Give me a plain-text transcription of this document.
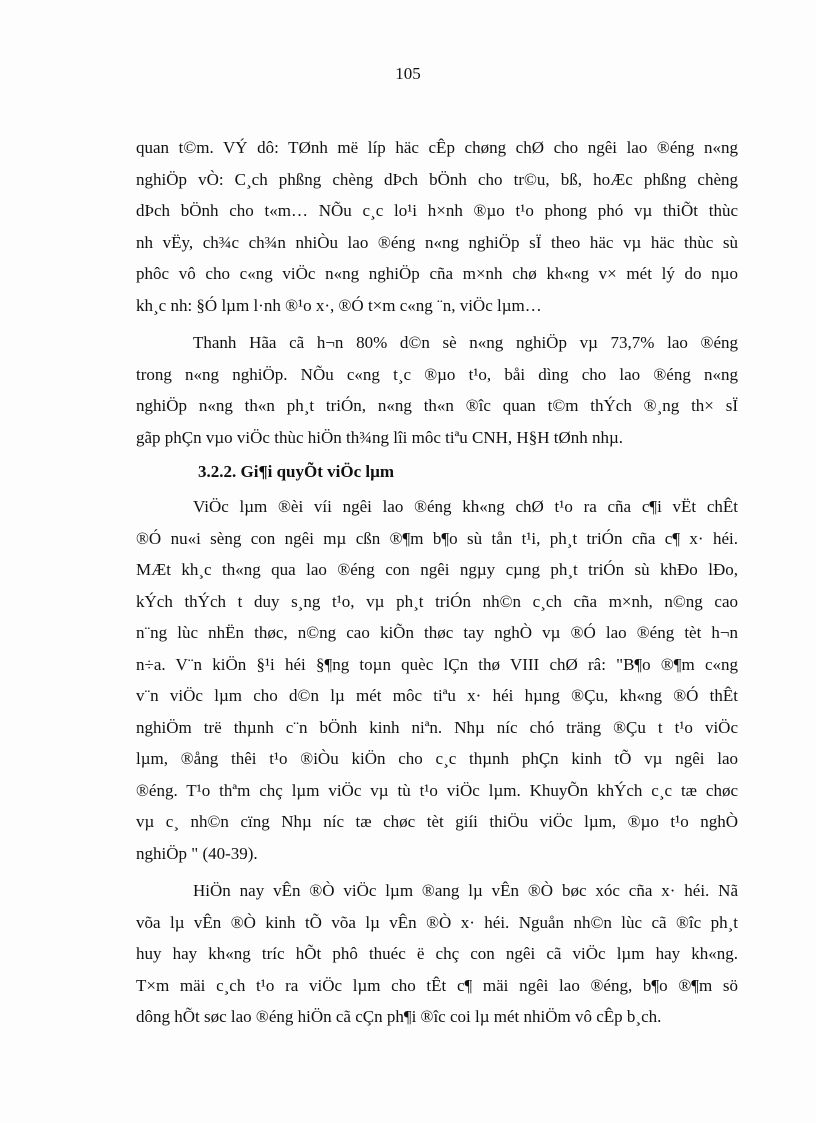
105
quan t©m. VÝ dô: TØnh më líp häc cÊp chøng chØ cho ngêi lao ®éng n«ng
nghiÖp vÒ: C¸ch phßng chèng dÞch bÖnh cho tr©u, bß, hoÆc phßng chèng
dÞch bÖnh cho t«m… NÕu c¸c lo¹i h×nh ®µo t¹o phong phó vµ thiÕt thùc
nh vËy, ch¾c ch¾n nhiÒu lao ®éng n«ng nghiÖp sÏ theo häc vµ häc thùc sù
phôc vô cho c«ng viÖc n«ng nghiÖp cña m×nh chø kh«ng v× mét lý do nµo
kh¸c nh: §Ó lµm l·nh ®¹o x·, ®Ó t×m c«ng ¨n, viÖc lµm…
Thanh Hãa cã h¬n 80% d©n sè n«ng nghiÖp vµ 73,7% lao ®éng
trong n«ng nghiÖp. NÕu c«ng t¸c ®µo t¹o, båi dìng cho lao ®éng n«ng
nghiÖp n«ng th«n ph¸t triÓn, n«ng th«n ®îc quan t©m thÝch ®¸ng th× sÏ
gãp phÇn vµo viÖc thùc hiÖn th¾ng lîi môc tiªu CNH, H§H tØnh nhµ.
3.2.2. Gi¶i quyÕt viÖc lµm
ViÖc lµm ®èi víi ngêi lao ®éng kh«ng chØ t¹o ra cña c¶i vËt chÊt
®Ó nu«i sèng con ngêi mµ cßn ®¶m b¶o sù tån t¹i, ph¸t triÓn cña c¶ x· héi.
MÆt kh¸c th«ng qua lao ®éng con ngêi ngµy cµng ph¸t triÓn sù khÐo lÐo,
kÝch thÝch t duy s¸ng t¹o, vµ ph¸t triÓn nh©n c¸ch cña m×nh, n©ng cao
n¨ng lùc nhËn thøc, n©ng cao kiÕn thøc tay nghÒ vµ ®Ó lao ®éng tèt h¬n
n÷a. V¨n kiÖn §¹i héi §¶ng toµn quèc lÇn thø VIII chØ râ: "B¶o ®¶m c«ng
v¨n viÖc lµm cho d©n lµ mét môc tiªu x· héi hµng ®Çu, kh«ng ®Ó thÊt
nghiÖm trë thµnh c¨n bÖnh kinh niªn. Nhµ níc chó träng ®Çu t t¹o viÖc
lµm, ®ång thêi t¹o ®iÒu kiÖn cho c¸c thµnh phÇn kinh tÕ vµ ngêi lao
®éng. T¹o thªm chç lµm viÖc vµ tù t¹o viÖc lµm. KhuyÕn khÝch c¸c tæ chøc
vµ c¸ nh©n cïng Nhµ níc tæ chøc tèt giíi thiÖu viÖc lµm, ®µo t¹o nghÒ
nghiÖp " (40-39).
HiÖn nay vÊn ®Ò viÖc lµm ®ang lµ vÊn ®Ò bøc xóc cña x· héi. Nã
võa lµ vÊn ®Ò kinh tÕ võa lµ vÊn ®Ò x· héi. Nguån nh©n lùc cã ®îc ph¸t
huy hay kh«ng tríc hÕt phô thuéc ë chç con ngêi cã viÖc lµm hay kh«ng.
T×m mäi c¸ch t¹o ra viÖc lµm cho tÊt c¶ mäi ngêi lao ®éng, b¶o ®¶m sö
dông hÕt søc lao ®éng hiÖn cã cÇn ph¶i ®îc coi lµ mét nhiÖm vô cÊp b¸ch.
